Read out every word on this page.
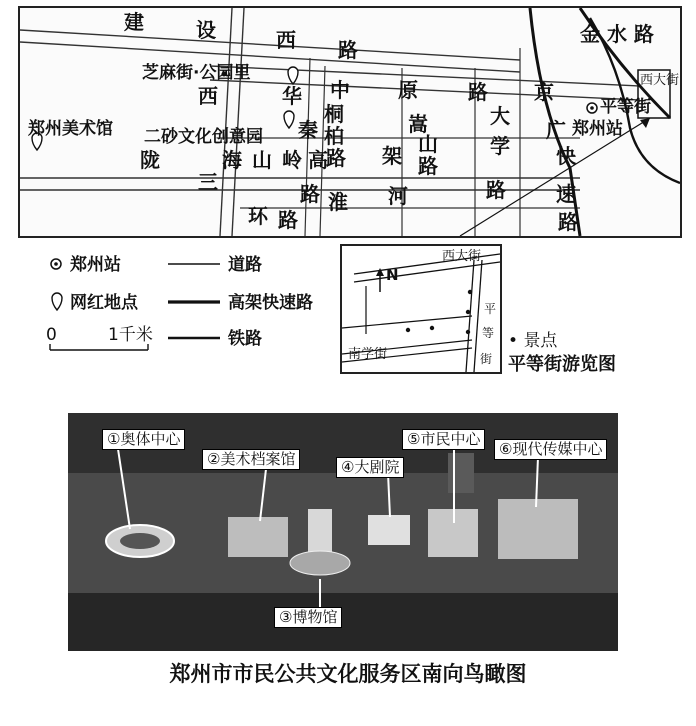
建	设	西 路
中 原	路 京
金 水 路
广
快
速
路
陇	海 山
路 淮 河	路
三
环 路
西	华
桐
柏
路
嵩
山
路
架
大
学
秦
岭 高
芝麻街·公园里
郑州美术馆 二砂文化创意园	郑州站
平等街
西大街
郑州站	道路
网红地点	高架快速路
0	1千米	铁路
N
西大街
南学街
平
等
街
• 景点
平等街游览图
①奥体中心
②美术档案馆
③博物馆
④大剧院
⑤市民中心
⑥现代传媒中心
郑州市市民公共文化服务区南向鸟瞰图
